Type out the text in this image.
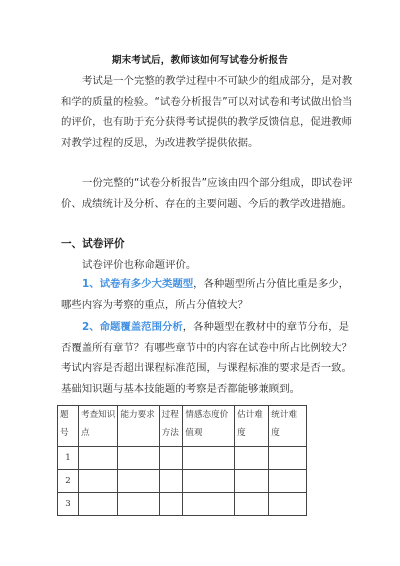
期末考试后，教师该如何写试卷分析报告
考试是一个完整的教学过程中不可缺少的组成部分，是对教和学的质量的检验。“试卷分析报告”可以对试卷和考试做出恰当的评价，也有助于充分获得考试提供的教学反馈信息，促进教师对教学过程的反思，为改进教学提供依据。
一份完整的“试卷分析报告”应该由四个部分组成，即试卷评价、成绩统计及分析、存在的主要问题、今后的教学改进措施。
一、试卷评价
试卷评价也称命题评价。
1、试卷有多少大类题型，各种题型所占分值比重是多少，哪些内容为考察的重点，所占分值较大？
2、命题覆盖范围分析，各种题型在教材中的章节分布，是否覆盖所有章节？有哪些章节中的内容在试卷中所占比例较大？考试内容是否超出课程标准范围，与课程标准的要求是否一致。基础知识题与基本技能题的考察是否都能够兼顾到。
题号	考查知识点	能力要求	过程方法	情感态度价值观	估计难度	统计难度
1						
2						
3						
